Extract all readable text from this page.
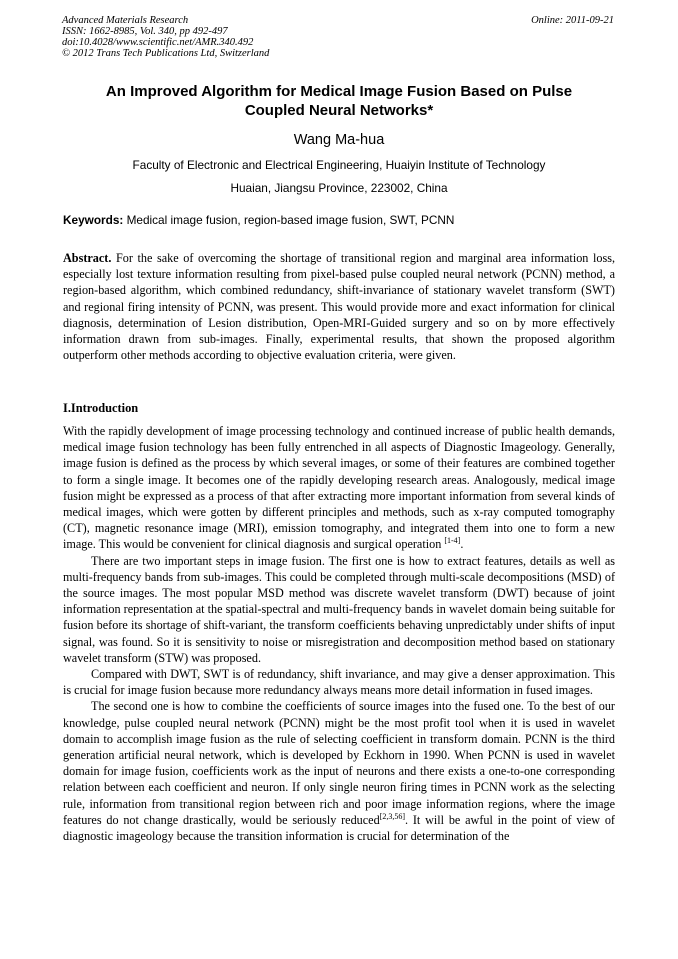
Advanced Materials Research
ISSN: 1662-8985, Vol. 340, pp 492-497
doi:10.4028/www.scientific.net/AMR.340.492
© 2012 Trans Tech Publications Ltd, Switzerland
Online: 2011-09-21
An Improved Algorithm for Medical Image Fusion Based on Pulse
Coupled Neural Networks*
Wang Ma-hua
Faculty of Electronic and Electrical Engineering, Huaiyin Institute of Technology
Huaian, Jiangsu Province, 223002, China
Keywords: Medical image fusion, region-based image fusion, SWT, PCNN

Abstract. For the sake of overcoming the shortage of transitional region and marginal area information loss, especially lost texture information resulting from pixel-based pulse coupled neural network (PCNN) method, a region-based algorithm, which combined redundancy, shift-invariance of stationary wavelet transform (SWT) and regional firing intensity of PCNN, was present. This would provide more and exact information for clinical diagnosis, determination of Lesion distribution, Open-MRI-Guided surgery and so on by more effectively information drawn from sub-images. Finally, experimental results, that shown the proposed algorithm outperform other methods according to objective evaluation criteria, were given.

I.Introduction

With the rapidly development of image processing technology and continued increase of public health demands, medical image fusion technology has been fully entrenched in all aspects of Diagnostic Imageology. Generally, image fusion is defined as the process by which several images, or some of their features are combined together to form a single image. It becomes one of the rapidly developing research areas. Analogously, medical image fusion might be expressed as a process of that after extracting more important information from several kinds of medical images, which were gotten by different principles and methods, such as x-ray computed tomography (CT), magnetic resonance image (MRI), emission tomography, and integrated them into one to form a new image. This would be convenient for clinical diagnosis and surgical operation [1-4].

There are two important steps in image fusion. The first one is how to extract features, details as well as multi-frequency bands from sub-images. This could be completed through multi-scale decompositions (MSD) of the source images. The most popular MSD method was discrete wavelet transform (DWT) because of joint information representation at the spatial-spectral and multi-frequency bands in wavelet domain being suitable for fusion before its shortage of shift-variant, the transform coefficients behaving unpredictably under shifts of input signal, was found. So it is sensitivity to noise or misregistration and decomposition method based on stationary wavelet transform (STW) was proposed.

Compared with DWT, SWT is of redundancy, shift invariance, and may give a denser approximation. This is crucial for image fusion because more redundancy always means more detail information in fused images.

The second one is how to combine the coefficients of source images into the fused one. To the best of our knowledge, pulse coupled neural network (PCNN) might be the most profit tool when it is used in wavelet domain to accomplish image fusion as the rule of selecting coefficient in transform domain. PCNN is the third generation artificial neural network, which is developed by Eckhorn in 1990. When PCNN is used in wavelet domain for image fusion, coefficients work as the input of neurons and there exists a one-to-one corresponding relation between each coefficient and neuron. If only single neuron firing times in PCNN work as the selecting rule, information from transitional region between rich and poor image information regions, where the image features do not change drastically, would be seriously reduced[2,3,56]. It will be awful in the point of view of diagnostic imageology because the transition information is crucial for determination of the
